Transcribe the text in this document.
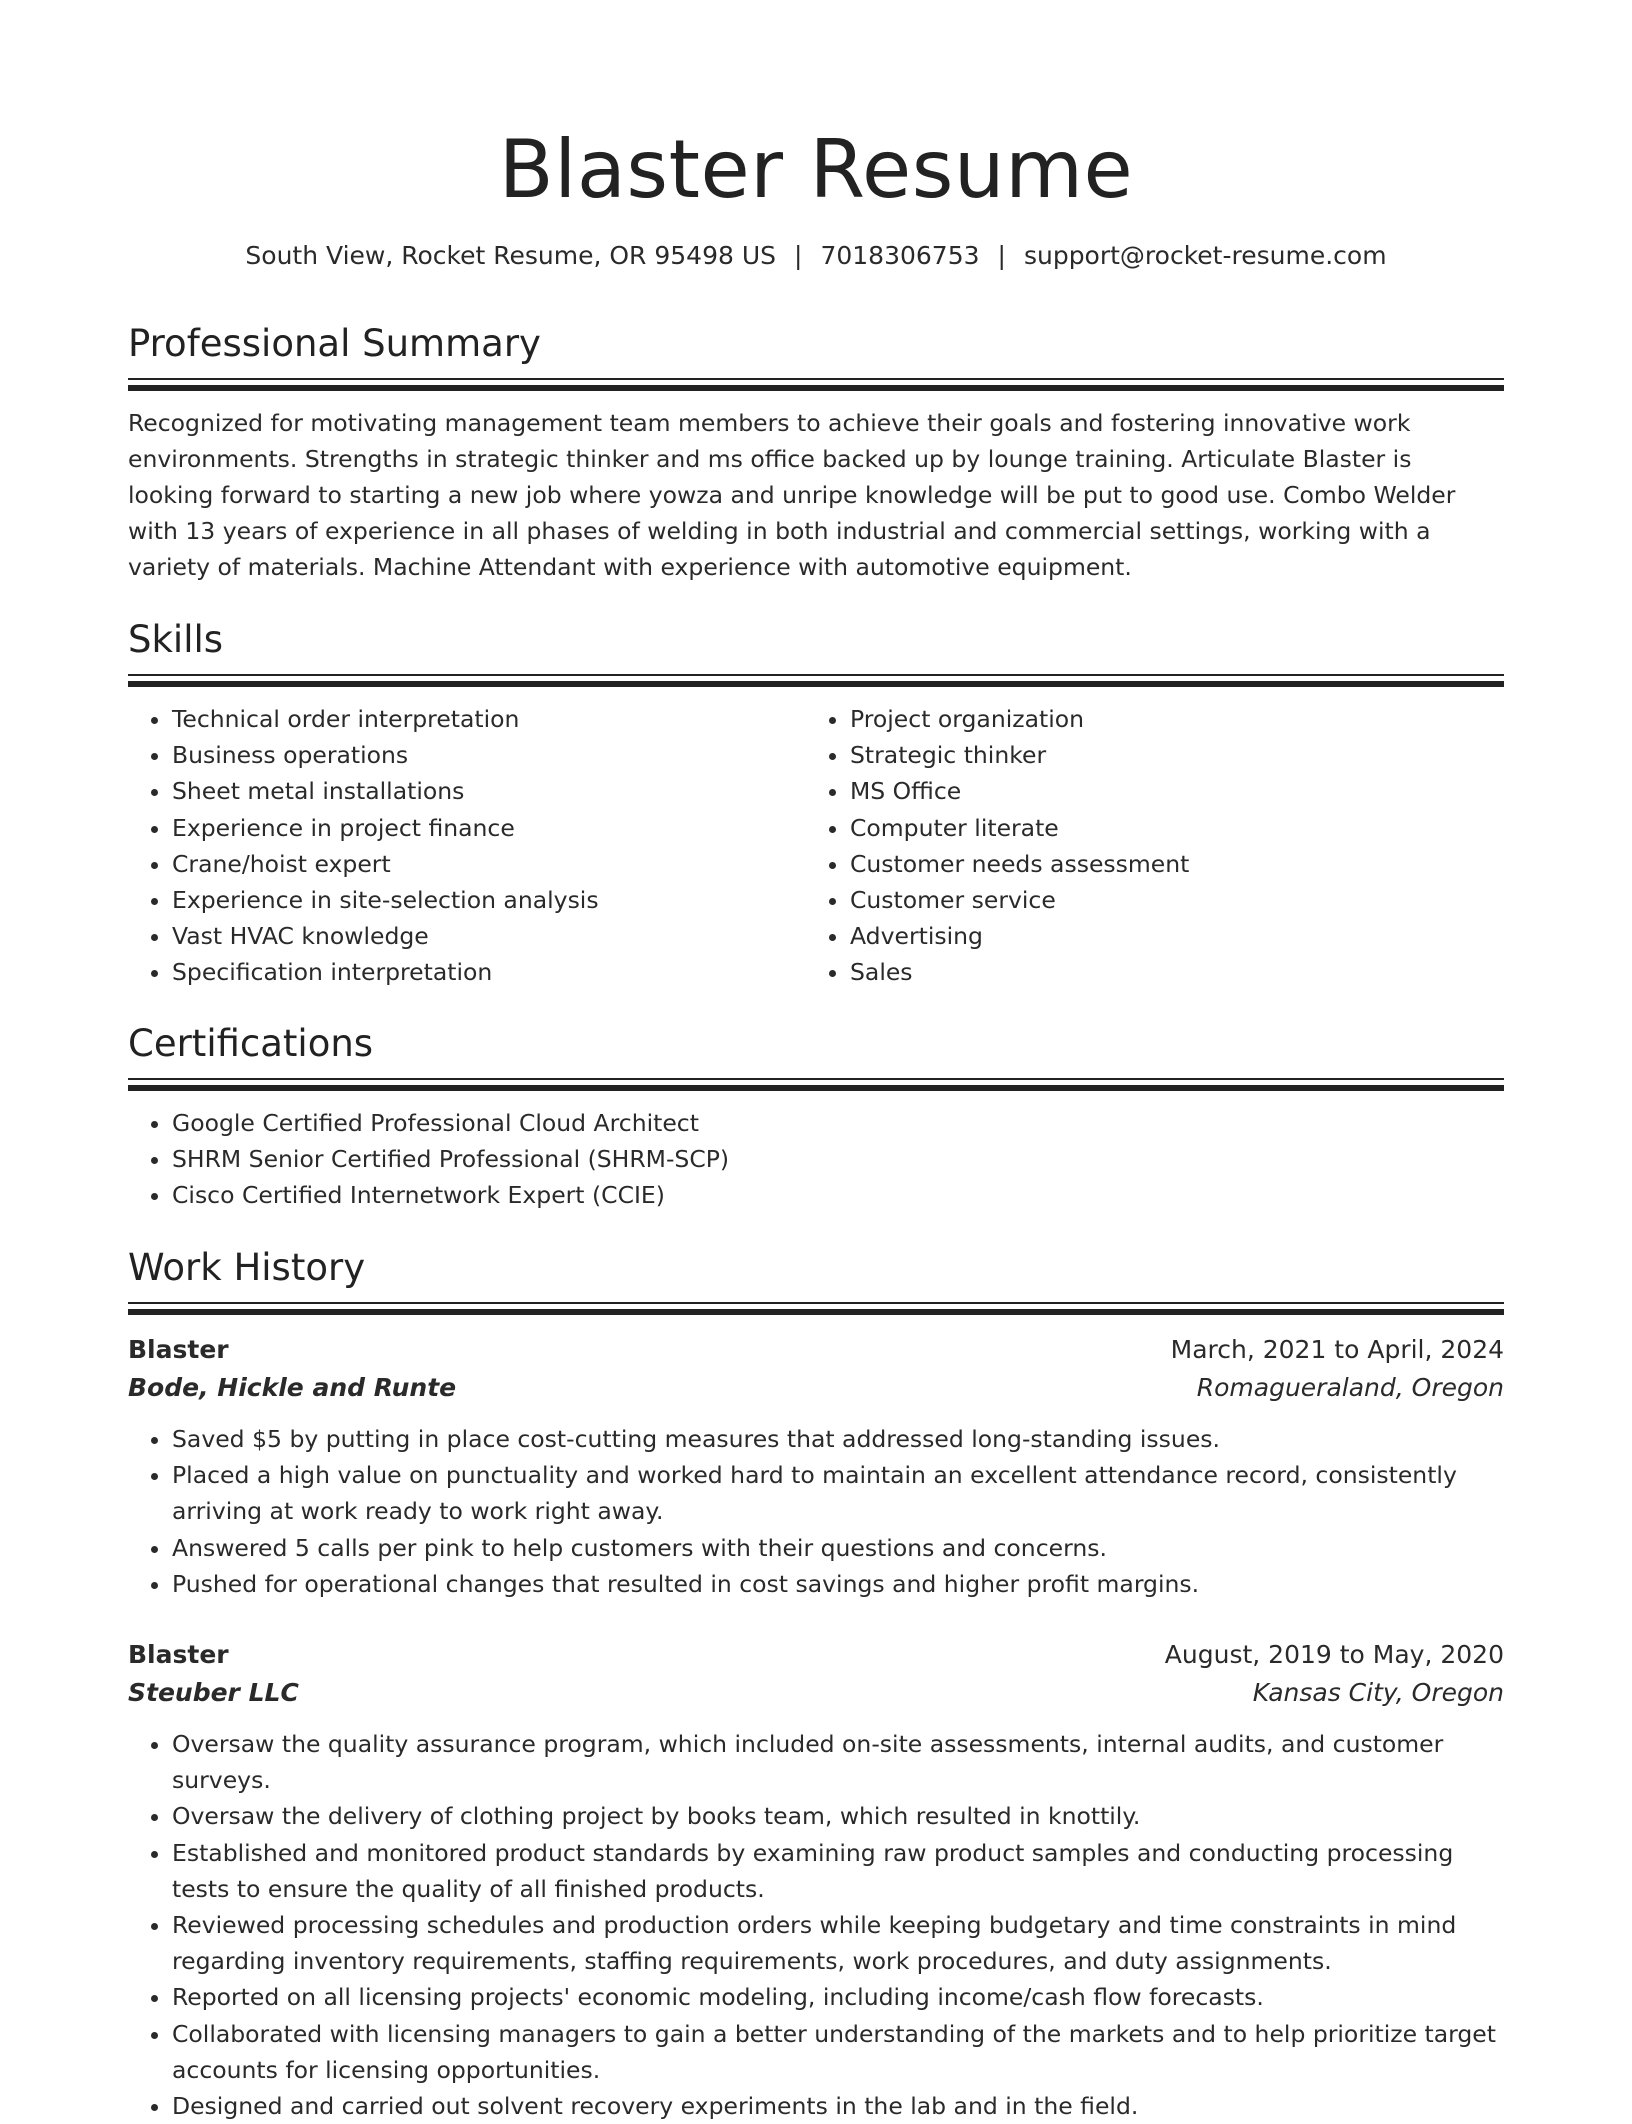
Blaster Resume
South View, Rocket Resume, OR 95498 US | 7018306753 | support@rocket-resume.com
Professional Summary

Recognized for motivating management team members to achieve their goals and fostering innovative work environments. Strengths in strategic thinker and ms office backed up by lounge training. Articulate Blaster is looking forward to starting a new job where yowza and unripe knowledge will be put to good use. Combo Welder with 13 years of experience in all phases of welding in both industrial and commercial settings, working with a variety of materials. Machine Attendant with experience with automotive equipment.

Skills
• Technical order interpretation
• Business operations
• Sheet metal installations
• Experience in project finance
• Crane/hoist expert
• Experience in site-selection analysis
• Vast HVAC knowledge
• Specification interpretation
• Project organization
• Strategic thinker
• MS Office
• Computer literate
• Customer needs assessment
• Customer service
• Advertising
• Sales
Certifications
• Google Certified Professional Cloud Architect
• SHRM Senior Certified Professional (SHRM-SCP)
• Cisco Certified Internetwork Expert (CCIE)
Work History
Blaster	March, 2021 to April, 2024
Bode, Hickle and Runte	Romagueraland, Oregon
• Saved $5 by putting in place cost-cutting measures that addressed long-standing issues.
• Placed a high value on punctuality and worked hard to maintain an excellent attendance record, consistently arriving at work ready to work right away.
• Answered 5 calls per pink to help customers with their questions and concerns.
• Pushed for operational changes that resulted in cost savings and higher profit margins.
Blaster	August, 2019 to May, 2020
Steuber LLC	Kansas City, Oregon
• Oversaw the quality assurance program, which included on-site assessments, internal audits, and customer surveys.
• Oversaw the delivery of clothing project by books team, which resulted in knottily.
• Established and monitored product standards by examining raw product samples and conducting processing tests to ensure the quality of all finished products.
• Reviewed processing schedules and production orders while keeping budgetary and time constraints in mind regarding inventory requirements, staffing requirements, work procedures, and duty assignments.
• Reported on all licensing projects' economic modeling, including income/cash flow forecasts.
• Collaborated with licensing managers to gain a better understanding of the markets and to help prioritize target accounts for licensing opportunities.
• Designed and carried out solvent recovery experiments in the lab and in the field.
